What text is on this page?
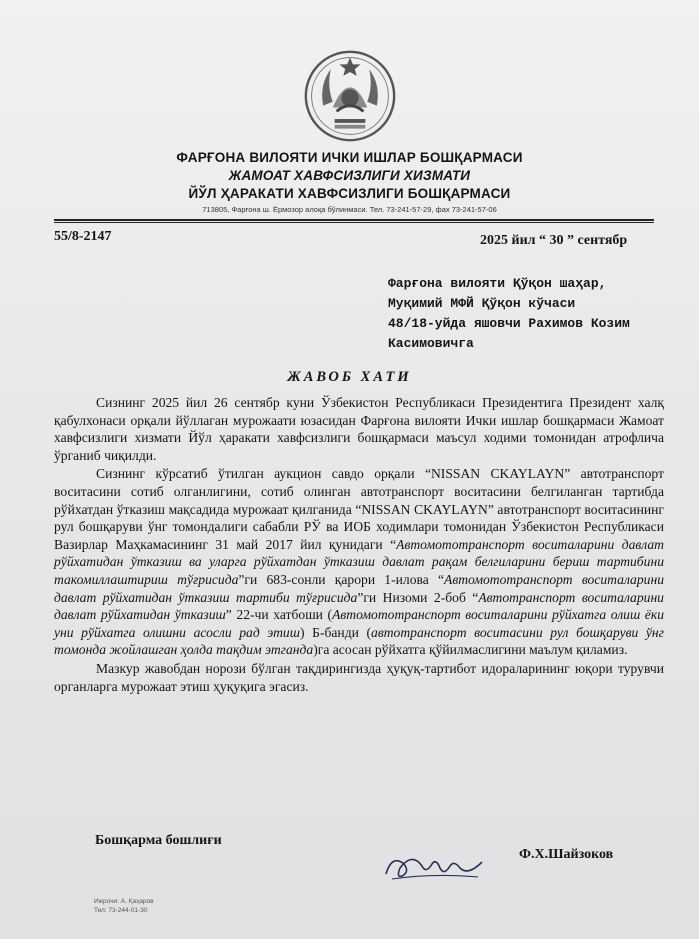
ФАРҒОНА ВИЛОЯТИ ИЧКИ ИШЛАР БОШҚАРМАСИ
ЖАМОАТ ХАВФСИЗЛИГИ ХИЗМАТИ
ЙЎЛ ҲАРАКАТИ ХАВФСИЗЛИГИ БОШҚАРМАСИ
713805, Фарғона ш. Ёрмозор алоқа бўлинмаси. Тел. 73-241-57-29, фах 73-241-57-06
55/8-2147	2025 йил “ 30 ” сентябр
Фарғона вилояти Қўқон шаҳар,
Муқимий МФЙ Қўқон кўчаси
48/18-уйда яшовчи Рахимов Козим
Касимовичга
ЖАВОБ ХАТИ

Сизнинг 2025 йил 26 сентябр куни Ўзбекистон Республикаси Президентига Президент халқ қабулхонаси орқали йўллаган мурожаати юзасидан Фарғона вилояти Ички ишлар бошқармаси Жамоат хавфсизлиги хизмати Йўл ҳаракати хавфсизлиги бошқармаси маъсул ходими томонидан атрофлича ўрганиб чиқилди.

Сизнинг кўрсатиб ўтилган аукцион савдо орқали “NISSAN CKAYLAYN” автотранспорт воситасини сотиб олганлигини, сотиб олинган автотранспорт воситасини белгиланган тартибда рўйхатдан ўтказиш мақсадида мурожаат қилганида “NISSAN CKAYLAYN” автотранспорт воситасининг рул бошқаруви ўнг томондалиги сабабли РЎ ва ИОБ ходимлари томонидан Ўзбекистон Республикаси Вазирлар Маҳкамасининг 31 май 2017 йил қунидаги “Автомототранспорт воситаларини давлат рўйхатидан ўтказиш ва уларга рўйхатдан ўтказиш давлат рақам белгиларини бериш тартибини такомиллаштириш тўғрисида”ги 683-сонли қарори 1-илова “Автомототранспорт воситаларини давлат рўйхатидан ўтказиш тартиби тўғрисида”ги Низоми 2-боб “Автотранспорт воситаларини давлат рўйхатидан ўтказиш” 22-чи хатбоши (Автомототранспорт воситаларини рўйхатга олиш ёки уни рўйхатга олишни асосли рад этиш) Б-банди (автотранспорт воситасини рул бошқаруви ўнг томонда жойлашган ҳолда тақдим этганда)га асосан рўйхатга қўйилмаслигини маълум қиламиз.

Мазкур жавобдан норози бўлган тақдирингизда ҳуқуқ-тартибот идораларининг юқори турувчи органларга мурожаат этиш ҳуқуқига эгасиз.

Бошқарма бошлиғи
Ф.Х.Шайзоков
Ижрочи: А. Қаҳаров
Тел: 73-244-01-30
